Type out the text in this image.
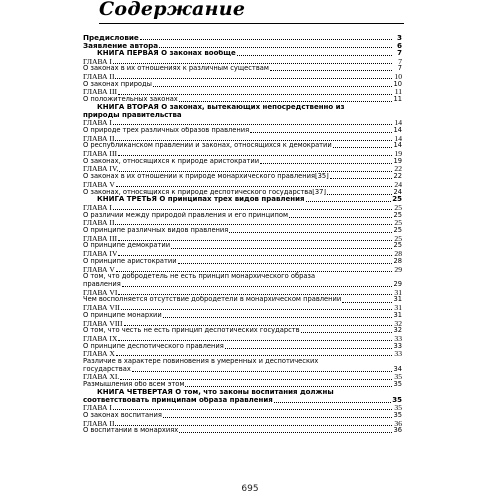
Содержание
Предисловие	3
Заявление автора	6
КНИГА ПЕРВАЯ О законах вообще	7
ГЛАВА I	7
О законах в их отношениях к различным существам	7
ГЛАВА II	10
О законах природы	10
ГЛАВА III	11
О положительных законах	11
КНИГА ВТОРАЯ О законах, вытекающих непосредственно из
природы правительства
ГЛАВА I	14
О природе трех различных образов правления	14
ГЛАВА II	14
О республиканском правлении и законах, относящихся к демократии	14
ГЛАВА III	19
О законах, относящихся к природе аристократии	19
ГЛАВА IV,	22
О законах в их отношении к природе монархического правления[35]	22
ГЛАВА V	24
О законах, относящихся к природе деспотического государства[37]	24
КНИГА ТРЕТЬЯ О принципах трех видов правления	25
ГЛАВА I	25
О различии между природой правления и его принципом	25
ГЛАВА II	25
О принципе различных видов правления	25
ГЛАВА III	25
О принципе демократии	25
ГЛАВА IV	28
О принципе аристократии	28
ГЛАВА V	29
О том, что добродетель не есть принцип монархического образа
правления	29
ГЛАВА VI	31
Чем восполняется отсутствие добродетели в монархическом правлении	31
ГЛАВА VII	31
О принципе монархии	31
ГЛАВА VIII	32
О том, что честь не есть принцип деспотических государств	32
ГЛАВА IX	33
О принципе деспотического правления	33
ГЛАВА X	33
Различие в характере повиновения в умеренных и деспотических
государствах	34
ГЛАВА XI.	35
Размышления обо всем этом	35
КНИГА ЧЕТВЕРТАЯ О том, что законы воспитания должны
соответствовать принципам образа правления	35
ГЛАВА I	35
О законах воспитания	35
ГЛАВА II	36
О воспитании в монархиях	36
695
